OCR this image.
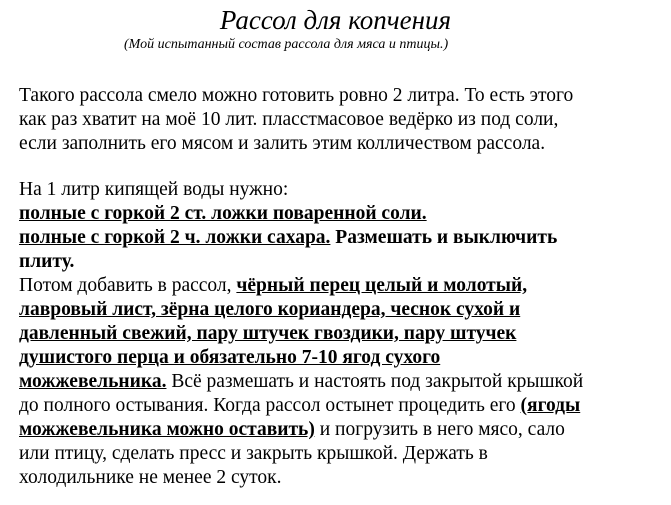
Рассол для копчения
(Мой испытанный состав рассола для мяса и птицы.)
Такого рассола смело можно готовить ровно 2 литра. То есть этого
как раз хватит на моё 10 лит. пласстмасовое ведёрко из под соли,
если заполнить его мясом и залить этим колличеством рассола.
На 1 литр кипящей воды нужно:
полные с горкой 2 ст. ложки поваренной соли.
полные с горкой 2 ч. ложки сахара. Размешать и выключить
плиту.
Потом добавить в рассол, чёрный перец целый и молотый,
лавровый лист, зёрна целого кориандера, чеснок сухой и
давленный свежий, пару штучек гвоздики, пару штучек
душистого перца и обязательно 7-10 ягод сухого
можжевельника. Всё размешать и настоять под закрытой крышкой
до полного остывания. Когда рассол остынет процедить его (ягоды
можжевельника можно оставить) и погрузить в него мясо, сало
или птицу, сделать пресс и закрыть крышкой. Держать в
холодильнике не менее 2 суток.
